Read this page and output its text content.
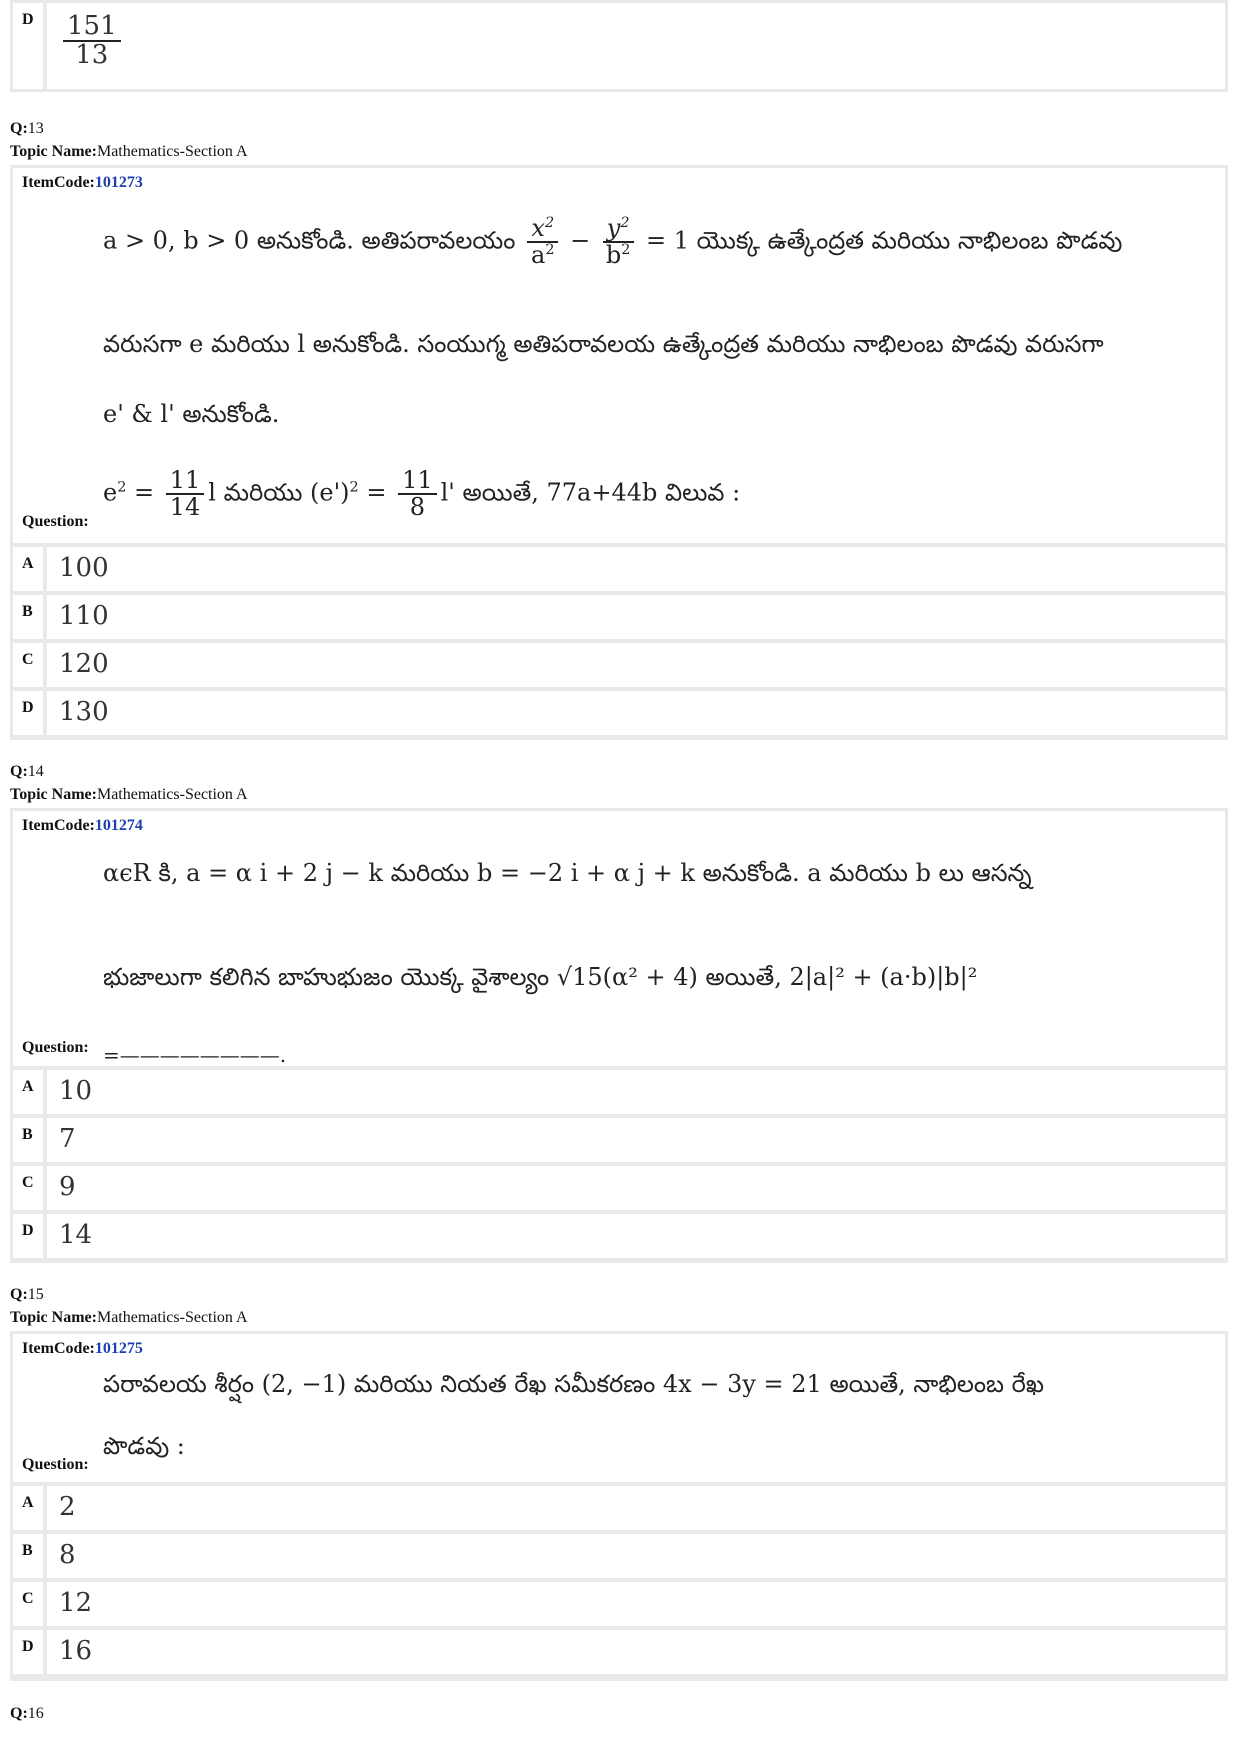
D	$\frac{151}{13}$
Q:13
Topic Name:Mathematics-Section A
ItemCode:101273
a > 0, b > 0 అనుకోండి. అతిపరావలయం $\frac{x^2}{a^2} - \frac{y^2}{b^2} = 1$ యొక్క ఉత్కేంద్రత మరియు నాభిలంబ పొడవు
వరుసగా e మరియు l అనుకోండి. సంయుగ్మ అతిపరావలయ ఉత్కేంద్రత మరియు నాభిలంబ పొడవు వరుసగా
e' & l' అనుకోండి.
$e^2 = \frac{11}{14}$ l మరియు $(e')^2 = \frac{11}{8} l'$ అయితే, 77a+44b విలువ :
Question:
A 100
B	110
C 120
D 130
Q:14
Topic Name:Mathematics-Section A
ItemCode:101274
αϵR కి, a = α i + 2 j − k మరియు b = −2 i + α j + k అనుకోండి. a మరియు b లు ఆసన్న
భుజాలుగా కలిగిన బాహుభుజం యొక్క వైశాల్యం √15(α² + 4) అయితే, 2|a|² + (a·b)|b|²
=————————.
Question:
A 10
B	7
C 9
D 14
Q:15
Topic Name:Mathematics-Section A
ItemCode:101275
పరావలయ శీర్షం (2, −1) మరియు నియత రేఖ సమీకరణం 4x − 3y = 21 అయితే, నాభిలంబ రేఖ
పొడవు :
Question:
A 2
B	8
C 12
D 16
Q:16
